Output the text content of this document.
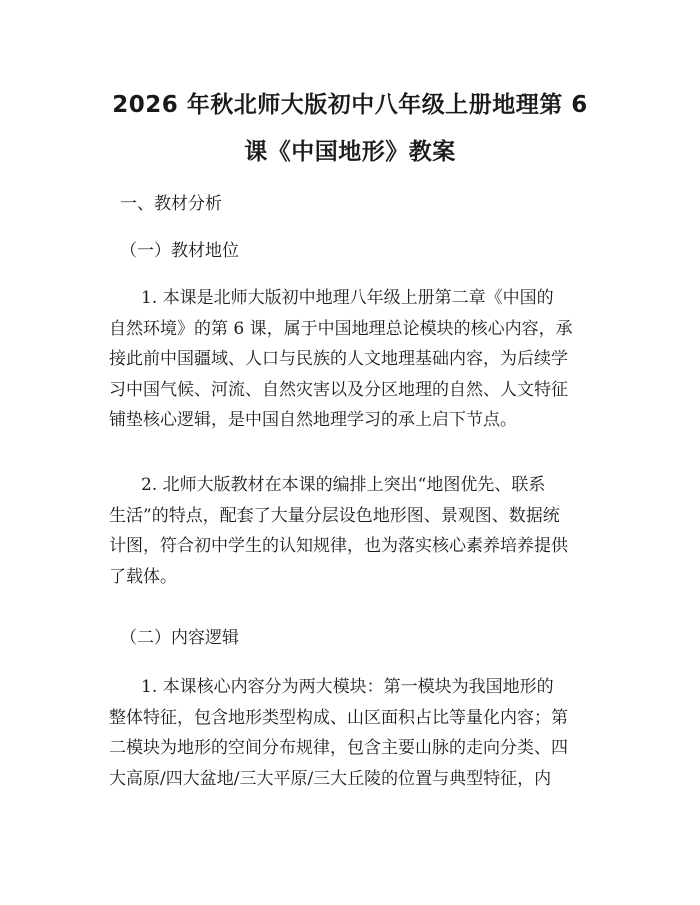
2026 年秋北师大版初中八年级上册地理第 6
课《中国地形》教案

一、教材分析

（一）教材地位

1. 本课是北师大版初中地理八年级上册第二章《中国的
自然环境》的第 6 课，属于中国地理总论模块的核心内容，承
接此前中国疆域、人口与民族的人文地理基础内容，为后续学
习中国气候、河流、自然灾害以及分区地理的自然、人文特征
铺垫核心逻辑，是中国自然地理学习的承上启下节点。
2. 北师大版教材在本课的编排上突出“地图优先、联系
生活”的特点，配套了大量分层设色地形图、景观图、数据统
计图，符合初中学生的认知规律，也为落实核心素养培养提供
了载体。

（二）内容逻辑

1. 本课核心内容分为两大模块：第一模块为我国地形的
整体特征，包含地形类型构成、山区面积占比等量化内容；第
二模块为地形的空间分布规律，包含主要山脉的走向分类、四
大高原/四大盆地/三大平原/三大丘陵的位置与典型特征，内
